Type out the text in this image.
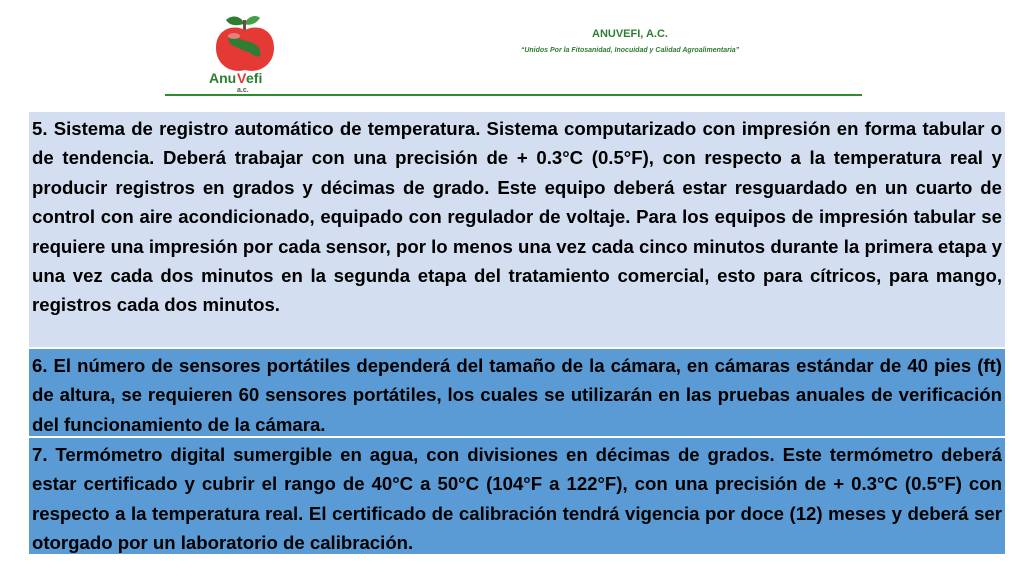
Anu V efi
a.c.
ANUVEFI, A.C.
“Unidos Por la Fitosanidad, Inocuidad y Calidad Agroalimentaria”
5. Sistema de registro automático de temperatura. Sistema computarizado con impresión en forma tabular o de tendencia. Deberá trabajar con una precisión de + 0.3°C (0.5°F), con respecto a la temperatura real y producir registros en grados y décimas de grado. Este equipo deberá estar resguardado en un cuarto de control con aire acondicionado, equipado con regulador de voltaje. Para los equipos de impresión tabular se requiere una impresión por cada sensor, por lo menos una vez cada cinco minutos durante la primera etapa y una vez cada dos minutos en la segunda etapa del tratamiento comercial, esto para cítricos, para mango, registros cada dos minutos.
6. El número de sensores portátiles dependerá del tamaño de la cámara, en cámaras estándar de 40 pies (ft) de altura, se requieren 60 sensores portátiles, los cuales se utilizarán en las pruebas anuales de verificación del funcionamiento de la cámara.
7. Termómetro digital sumergible en agua, con divisiones en décimas de grados. Este termómetro deberá estar certificado y cubrir el rango de 40°C a 50°C (104°F a 122°F), con una precisión de + 0.3°C (0.5°F) con respecto a la temperatura real. El certificado de calibración tendrá vigencia por doce (12) meses y deberá ser otorgado por un laboratorio de calibración.
